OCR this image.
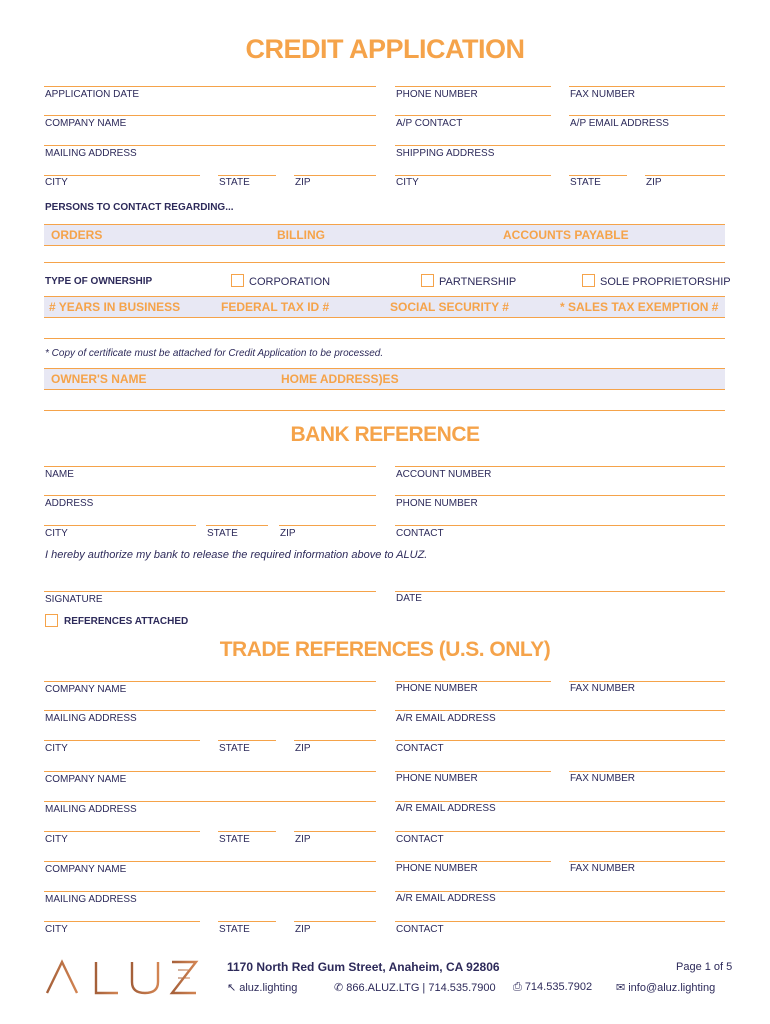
CREDIT APPLICATION
APPLICATION DATE	PHONE NUMBER	FAX NUMBER
COMPANY NAME	A/P CONTACT	A/P EMAIL ADDRESS
MAILING ADDRESS	SHIPPING ADDRESS
CITY	STATE	ZIP	CITY	STATE	ZIP
PERSONS TO CONTACT REGARDING...
ORDERS	BILLING	ACCOUNTS PAYABLE
TYPE OF OWNERSHIP	CORPORATION	PARTNERSHIP	SOLE PROPRIETORSHIP
# YEARS IN BUSINESS	FEDERAL TAX ID #	SOCIAL SECURITY #	* SALES TAX EXEMPTION #
* Copy of certificate must be attached for Credit Application to be processed.
OWNER'S NAME	HOME ADDRESS)ES
BANK REFERENCE
NAME	ACCOUNT NUMBER
ADDRESS	PHONE NUMBER
CITY	STATE	ZIP	CONTACT
I hereby authorize my bank to release the required information above to ALUZ.
SIGNATURE	DATE
REFERENCES ATTACHED
TRADE REFERENCES (U.S. ONLY)
COMPANY NAME	PHONE NUMBER	FAX NUMBER
MAILING ADDRESS	A/R EMAIL ADDRESS
CITY	STATE	ZIP	CONTACT
COMPANY NAME	PHONE NUMBER	FAX NUMBER
MAILING ADDRESS	A/R EMAIL ADDRESS
CITY	STATE	ZIP	CONTACT
COMPANY NAME	PHONE NUMBER	FAX NUMBER
MAILING ADDRESS	A/R EMAIL ADDRESS
CITY	STATE	ZIP	CONTACT
1170 North Red Gum Street, Anaheim, CA 92806	Page 1 of 5
↖ aluz.lighting	✆ 866.ALUZ.LTG | 714.535.7900 ⎙ 714.535.7902 ✉ info@aluz.lighting
